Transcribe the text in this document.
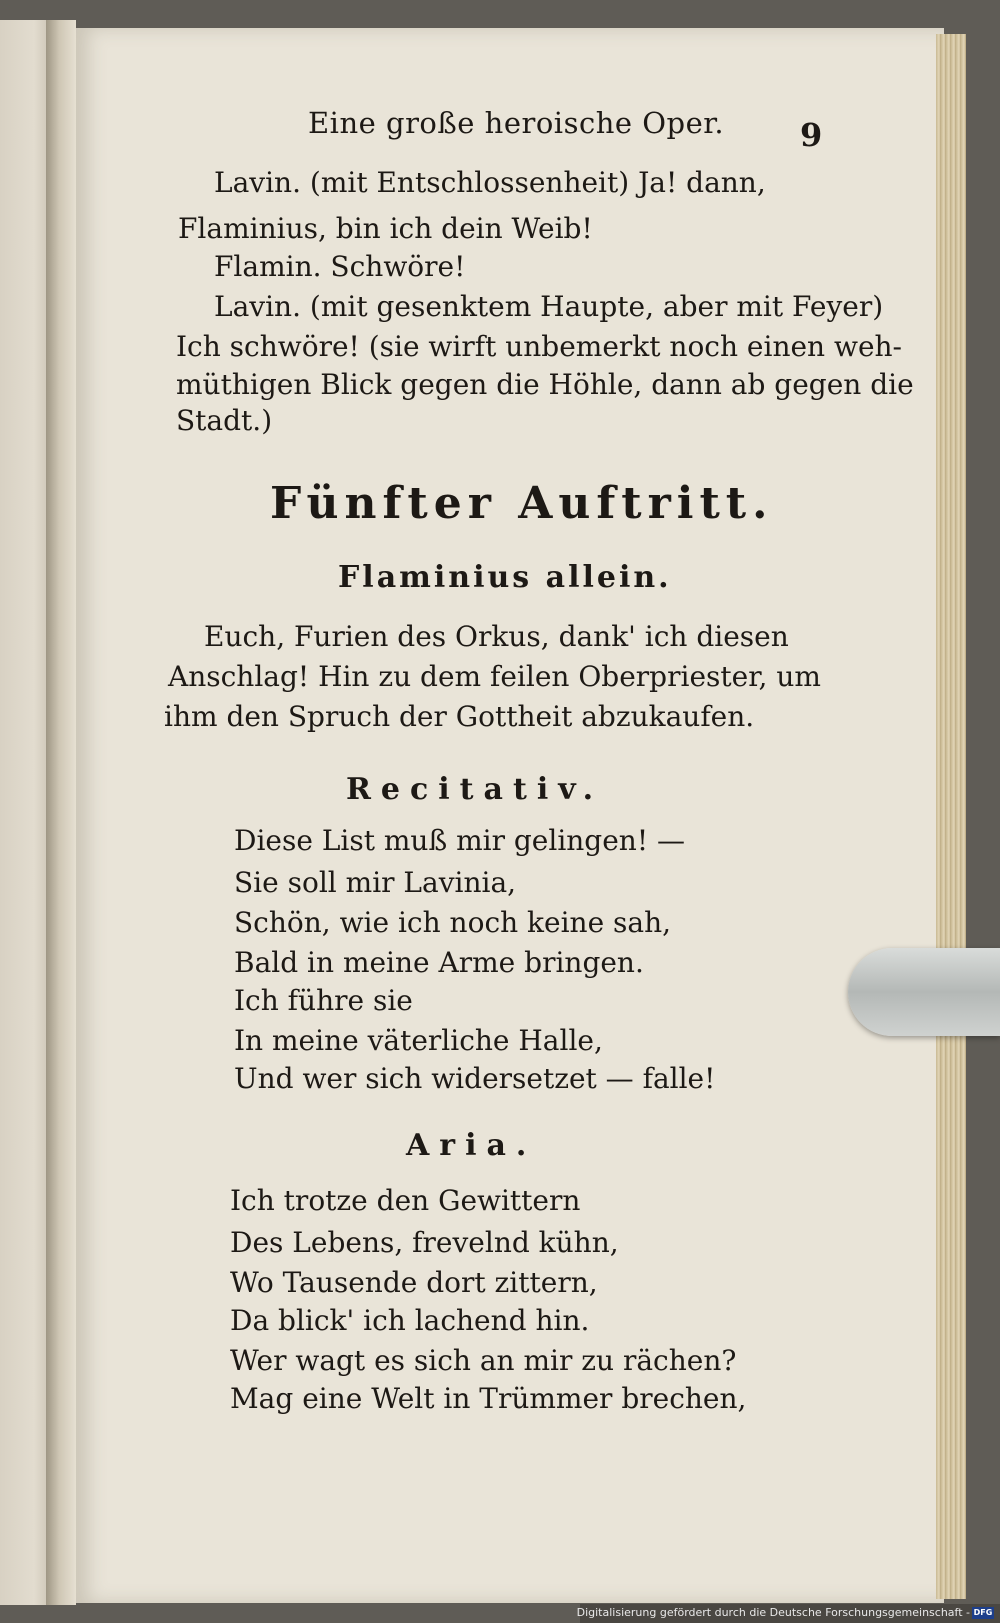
Eine große heroische Oper. 9
Lavin. (mit Entschlossenheit) Ja! dann,
Flaminius, bin ich dein Weib!
Flamin. Schwöre!
Lavin. (mit gesenktem Haupte, aber mit Feyer)
Ich schwöre! (sie wirft unbemerkt noch einen weh-
müthigen Blick gegen die Höhle, dann ab gegen die
Stadt.)
Fünfter Auftritt.
Flaminius allein.
Euch, Furien des Orkus, dank' ich diesen
Anschlag! Hin zu dem feilen Oberpriester, um
ihm den Spruch der Gottheit abzukaufen.
Recitativ.
Diese List muß mir gelingen! —
Sie soll mir Lavinia,
Schön, wie ich noch keine sah,
Bald in meine Arme bringen.
Ich führe sie
In meine väterliche Halle,
Und wer sich widersetzet — falle!
Aria.
Ich trotze den Gewittern
Des Lebens, frevelnd kühn,
Wo Tausende dort zittern,
Da blick' ich lachend hin.
Wer wagt es sich an mir zu rächen?
Mag eine Welt in Trümmer brechen,
Digitalisierung gefördert durch die Deutsche Forschungsgemeinschaft - DFG
